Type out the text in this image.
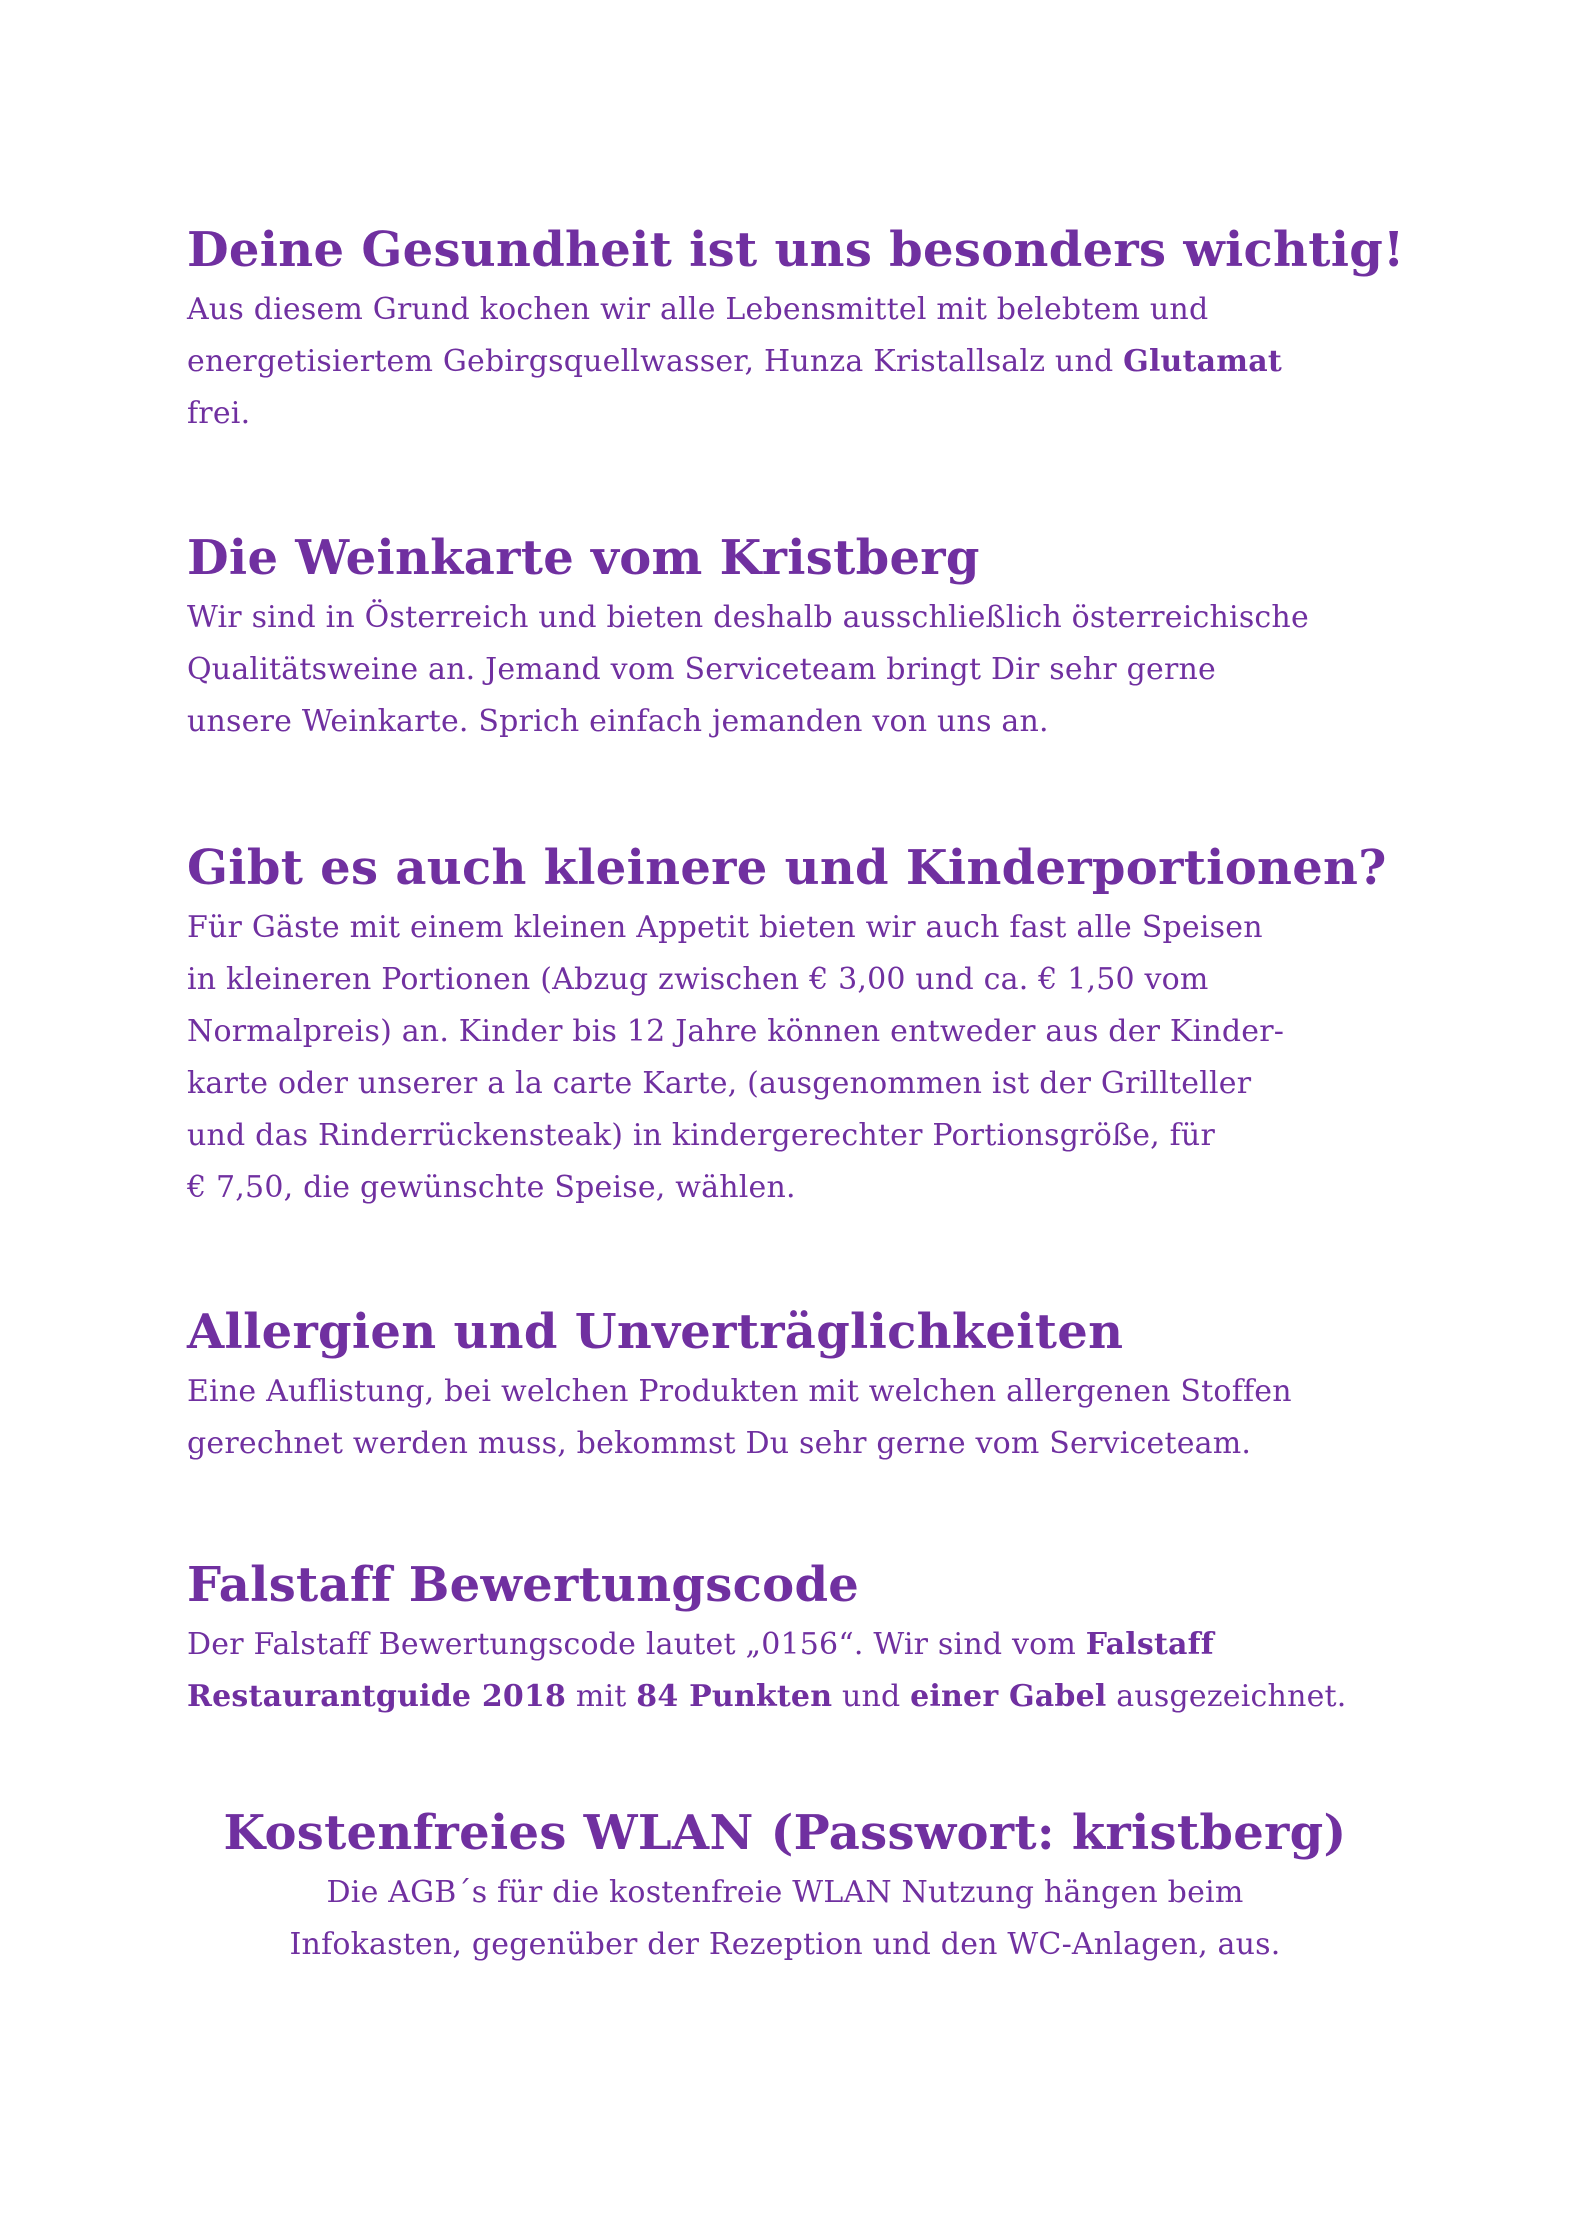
Deine Gesundheit ist uns besonders wichtig!

Aus diesem Grund kochen wir alle Lebensmittel mit belebtem und
energetisiertem Gebirgsquellwasser, Hunza Kristallsalz und Glutamat
frei.

Die Weinkarte vom Kristberg

Wir sind in Österreich und bieten deshalb ausschließlich österreichische
Qualitätsweine an. Jemand vom Serviceteam bringt Dir sehr gerne
unsere Weinkarte. Sprich einfach jemanden von uns an.

Gibt es auch kleinere und Kinderportionen?

Für Gäste mit einem kleinen Appetit bieten wir auch fast alle Speisen
in kleineren Portionen (Abzug zwischen € 3,00 und ca. € 1,50 vom
Normalpreis) an. Kinder bis 12 Jahre können entweder aus der Kinder-
karte oder unserer a la carte Karte, (ausgenommen ist der Grillteller
und das Rinderrückensteak) in kindergerechter Portionsgröße, für
€ 7,50, die gewünschte Speise, wählen.

Allergien und Unverträglichkeiten

Eine Auflistung, bei welchen Produkten mit welchen allergenen Stoffen
gerechnet werden muss, bekommst Du sehr gerne vom Serviceteam.

Falstaff Bewertungscode

Der Falstaff Bewertungscode lautet „0156“. Wir sind vom Falstaff
Restaurantguide 2018 mit 84 Punkten und einer Gabel ausgezeichnet.

Kostenfreies WLAN (Passwort: kristberg)

Die AGB´s für die kostenfreie WLAN Nutzung hängen beim
Infokasten, gegenüber der Rezeption und den WC-Anlagen, aus.
